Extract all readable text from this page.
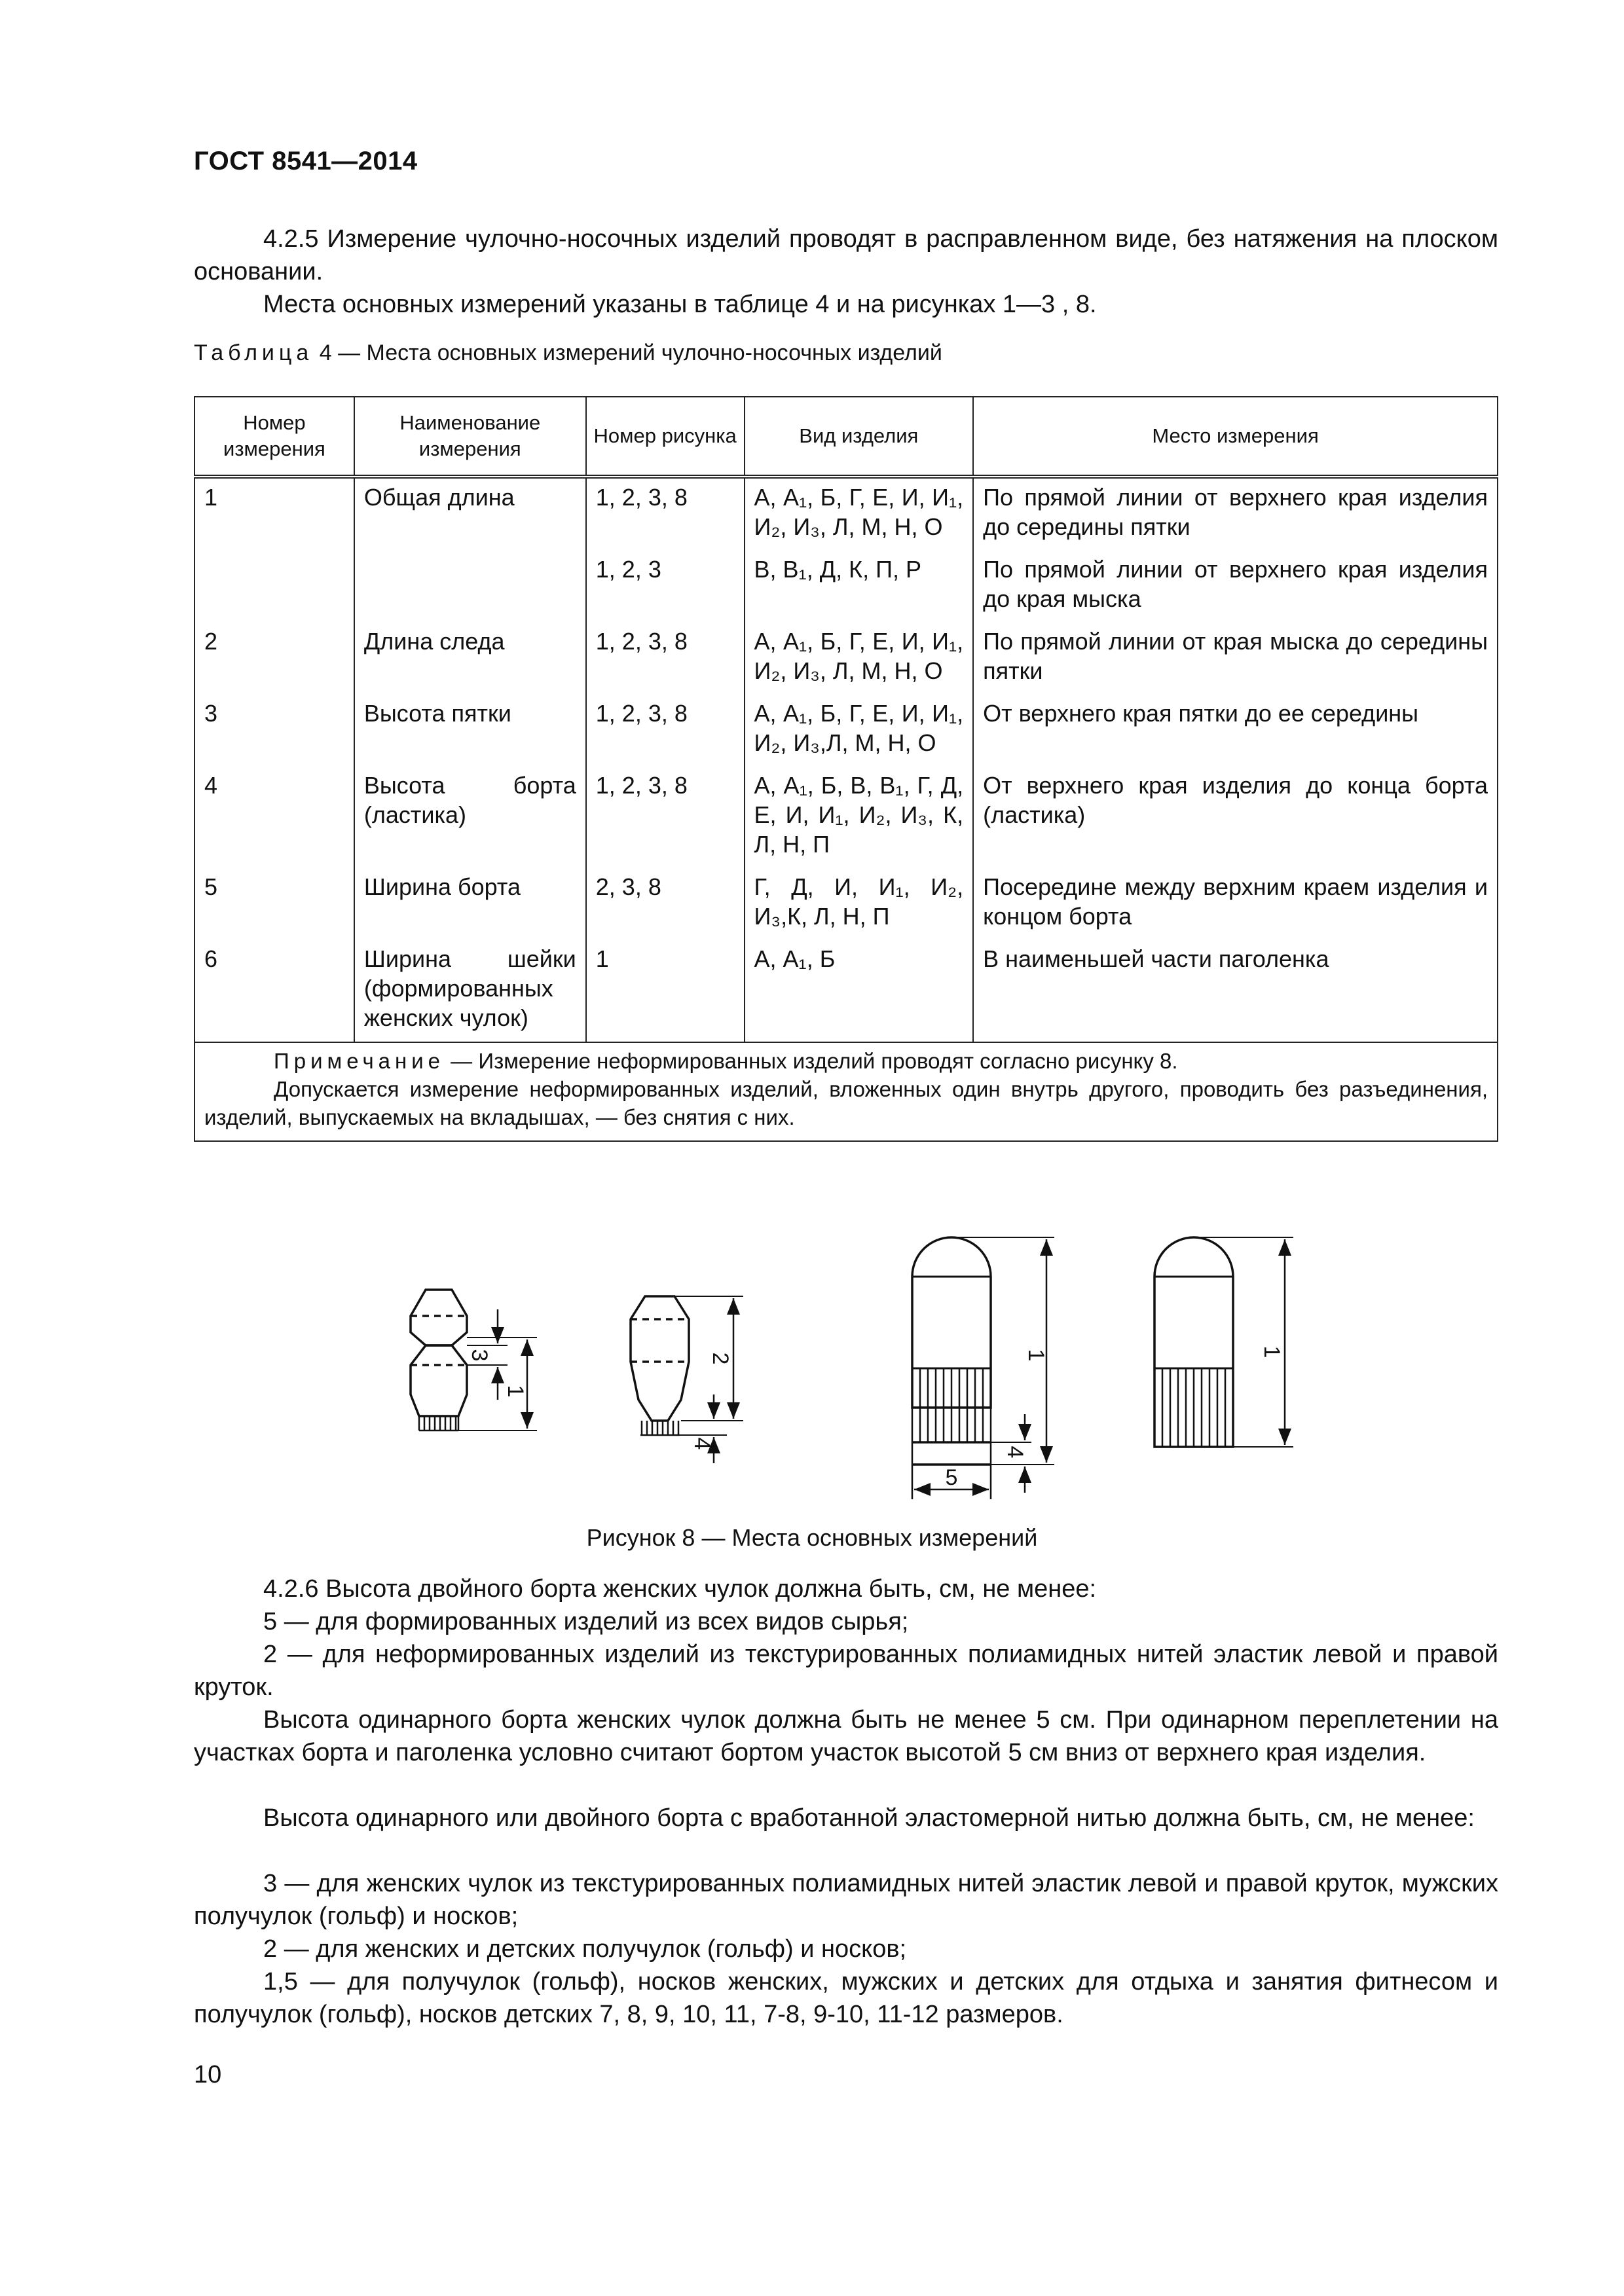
ГОСТ 8541—2014
4.2.5 Измерение чулочно-носочных изделий проводят в расправленном виде, без натяжения на плоском основании.
Места основных измерений указаны в таблице 4 и на рисунках 1—3 , 8.
Таблица 4 — Места основных измерений чулочно-носочных изделий
Номер измерения	Наименование измерения	Номер рисунка	Вид изделия	Место измерения
1	Общая длина	1, 2, 3, 8	А, А₁, Б, Г, Е, И, И₁, И₂, И₃, Л, М, Н, О	По прямой линии от верхнего края изделия до середины пятки
		1, 2, 3	В, В₁, Д, К, П, Р	По прямой линии от верхнего края изделия до края мыска
2	Длина следа	1, 2, 3, 8	А, А₁, Б, Г, Е, И, И₁, И₂, И₃, Л, М, Н, О	По прямой линии от края мыска до середины пятки
3	Высота пятки	1, 2, 3, 8	А, А₁, Б, Г, Е, И, И₁, И₂, И₃,Л, М, Н, О	От верхнего края пятки до ее середины
4	Высота борта (ластика)	1, 2, 3, 8	А, А₁, Б, В, В₁, Г, Д, Е, И, И₁, И₂, И₃, К, Л, Н, П	От верхнего края изделия до конца борта (ластика)
5	Ширина борта	2, 3, 8	Г, Д, И, И₁, И₂, И₃,К, Л, Н, П	Посередине между верхним краем изделия и концом борта
6	Ширина шейки (формированных женских чулок)	1	А, А₁, Б	В наименьшей части паголенка

Примечание — Измерение неформированных изделий проводят согласно рисунку 8.
Допускается измерение неформированных изделий, вложенных один внутрь другого, проводить без разъединения, изделий, выпускаемых на вкладышах, — без снятия с них.				
3
1
2
4
1
4
5
1
Рисунок 8 — Места основных измерений
4.2.6 Высота двойного борта женских чулок должна быть, см, не менее:
5 — для формированных изделий из всех видов сырья;
2 — для неформированных изделий из текстурированных полиамидных нитей эластик левой и правой круток.
Высота одинарного борта женских чулок должна быть не менее 5 см. При одинарном переплетении на участках борта и паголенка условно считают бортом участок высотой 5 см вниз от верхнего края изделия.
Высота одинарного или двойного борта с вработанной эластомерной нитью должна быть, см, не менее:
3 — для женских чулок из текстурированных полиамидных нитей эластик левой и правой круток, мужских получулок (гольф) и носков;
2 — для женских и детских получулок (гольф) и носков;
1,5 — для получулок (гольф), носков женских, мужских и детских для отдыха и занятия фитнесом и получулок (гольф), носков детских 7, 8, 9, 10, 11, 7-8, 9-10, 11-12 размеров.
10
